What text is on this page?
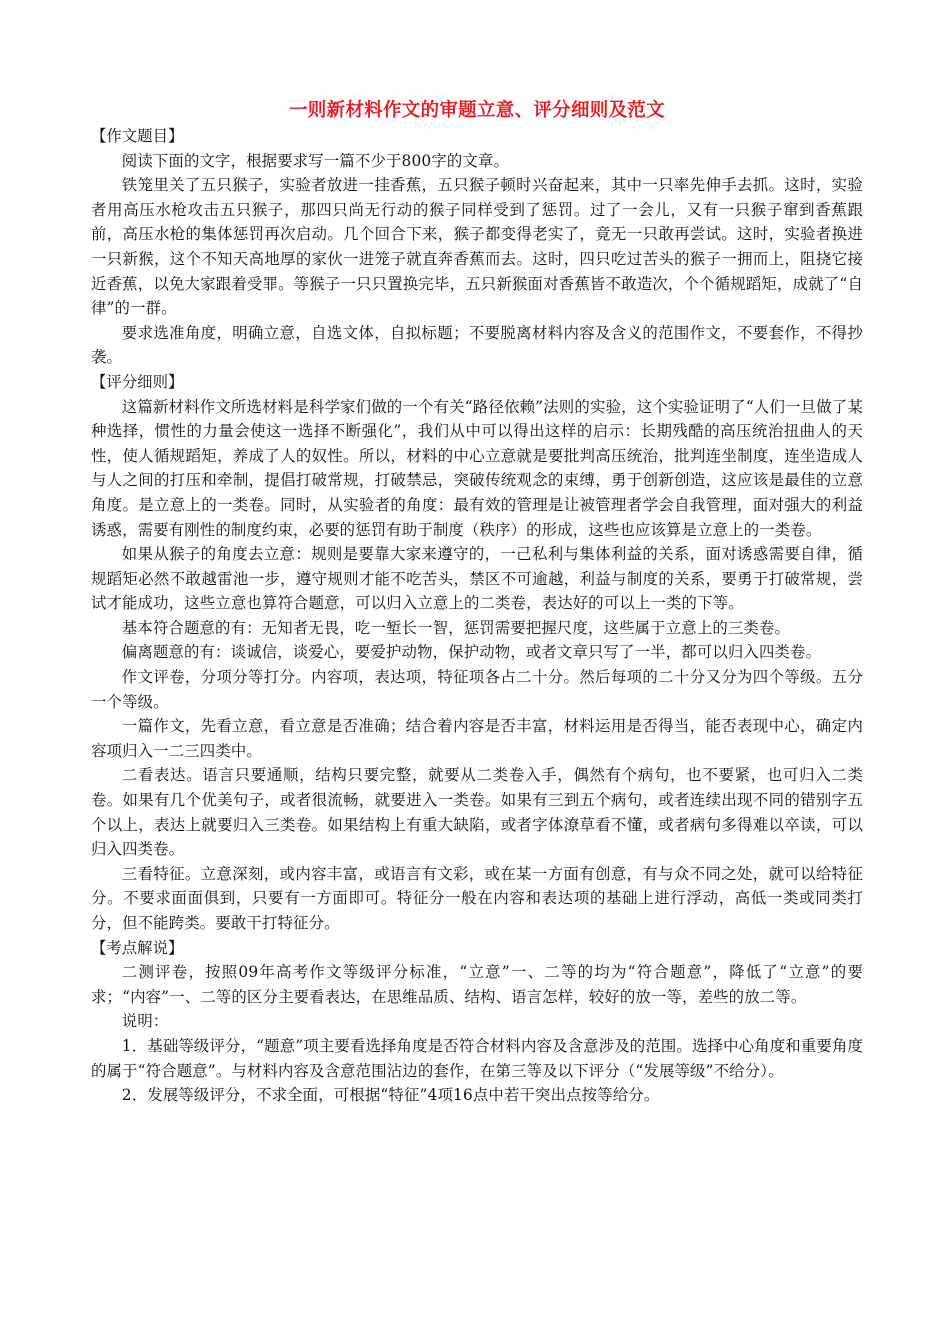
一则新材料作文的审题立意、评分细则及范文
【作文题目】

阅读下面的文字，根据要求写一篇不少于800字的文章。

铁笼里关了五只猴子，实验者放进一挂香蕉，五只猴子顿时兴奋起来，其中一只率先伸手去抓。这时，实验者用高压水枪攻击五只猴子，那四只尚无行动的猴子同样受到了惩罚。过了一会儿，又有一只猴子窜到香蕉跟前，高压水枪的集体惩罚再次启动。几个回合下来，猴子都变得老实了，竟无一只敢再尝试。这时，实验者换进一只新猴，这个不知天高地厚的家伙一进笼子就直奔香蕉而去。这时，四只吃过苦头的猴子一拥而上，阻挠它接近香蕉，以免大家跟着受罪。等猴子一只只置换完毕，五只新猴面对香蕉皆不敢造次，个个循规蹈矩，成就了“自律”的一群。

要求选准角度，明确立意，自选文体，自拟标题；不要脱离材料内容及含义的范围作文，不要套作，不得抄袭。

【评分细则】

这篇新材料作文所选材料是科学家们做的一个有关“路径依赖”法则的实验，这个实验证明了“人们一旦做了某种选择，惯性的力量会使这一选择不断强化”，我们从中可以得出这样的启示：长期残酷的高压统治扭曲人的天性，使人循规蹈矩，养成了人的奴性。所以，材料的中心立意就是要批判高压统治，批判连坐制度，连坐造成人与人之间的打压和牵制，提倡打破常规，打破禁忌，突破传统观念的束缚，勇于创新创造，这应该是最佳的立意角度。是立意上的一类卷。同时，从实验者的角度：最有效的管理是让被管理者学会自我管理，面对强大的利益诱惑，需要有刚性的制度约束，必要的惩罚有助于制度（秩序）的形成，这些也应该算是立意上的一类卷。

如果从猴子的角度去立意：规则是要靠大家来遵守的，一己私利与集体利益的关系，面对诱惑需要自律，循规蹈矩必然不敢越雷池一步，遵守规则才能不吃苦头，禁区不可逾越，利益与制度的关系，要勇于打破常规，尝试才能成功，这些立意也算符合题意，可以归入立意上的二类卷，表达好的可以上一类的下等。

基本符合题意的有：无知者无畏，吃一堑长一智，惩罚需要把握尺度，这些属于立意上的三类卷。

偏离题意的有：谈诚信，谈爱心，要爱护动物，保护动物，或者文章只写了一半，都可以归入四类卷。

作文评卷，分项分等打分。内容项，表达项，特征项各占二十分。然后每项的二十分又分为四个等级。五分一个等级。

一篇作文，先看立意，看立意是否准确；结合着内容是否丰富，材料运用是否得当，能否表现中心，确定内容项归入一二三四类中。

二看表达。语言只要通顺，结构只要完整，就要从二类卷入手，偶然有个病句，也不要紧，也可归入二类卷。如果有几个优美句子，或者很流畅，就要进入一类卷。如果有三到五个病句，或者连续出现不同的错别字五个以上，表达上就要归入三类卷。如果结构上有重大缺陷，或者字体潦草看不懂，或者病句多得难以卒读，可以归入四类卷。

三看特征。立意深刻，或内容丰富，或语言有文彩，或在某一方面有创意，有与众不同之处，就可以给特征分。不要求面面俱到，只要有一方面即可。特征分一般在内容和表达项的基础上进行浮动，高低一类或同类打分，但不能跨类。要敢干打特征分。

【考点解说】

二测评卷，按照09年高考作文等级评分标准，“立意”一、二等的均为“符合题意”，降低了“立意”的要求；“内容”一、二等的区分主要看表达，在思维品质、结构、语言怎样，较好的放一等，差些的放二等。

说明：

1．基础等级评分，“题意”项主要看选择角度是否符合材料内容及含意涉及的范围。选择中心角度和重要角度的属于“符合题意”。与材料内容及含意范围沾边的套作，在第三等及以下评分（“发展等级”不给分）。

2．发展等级评分，不求全面，可根据“特征”4项16点中若干突出点按等给分。
